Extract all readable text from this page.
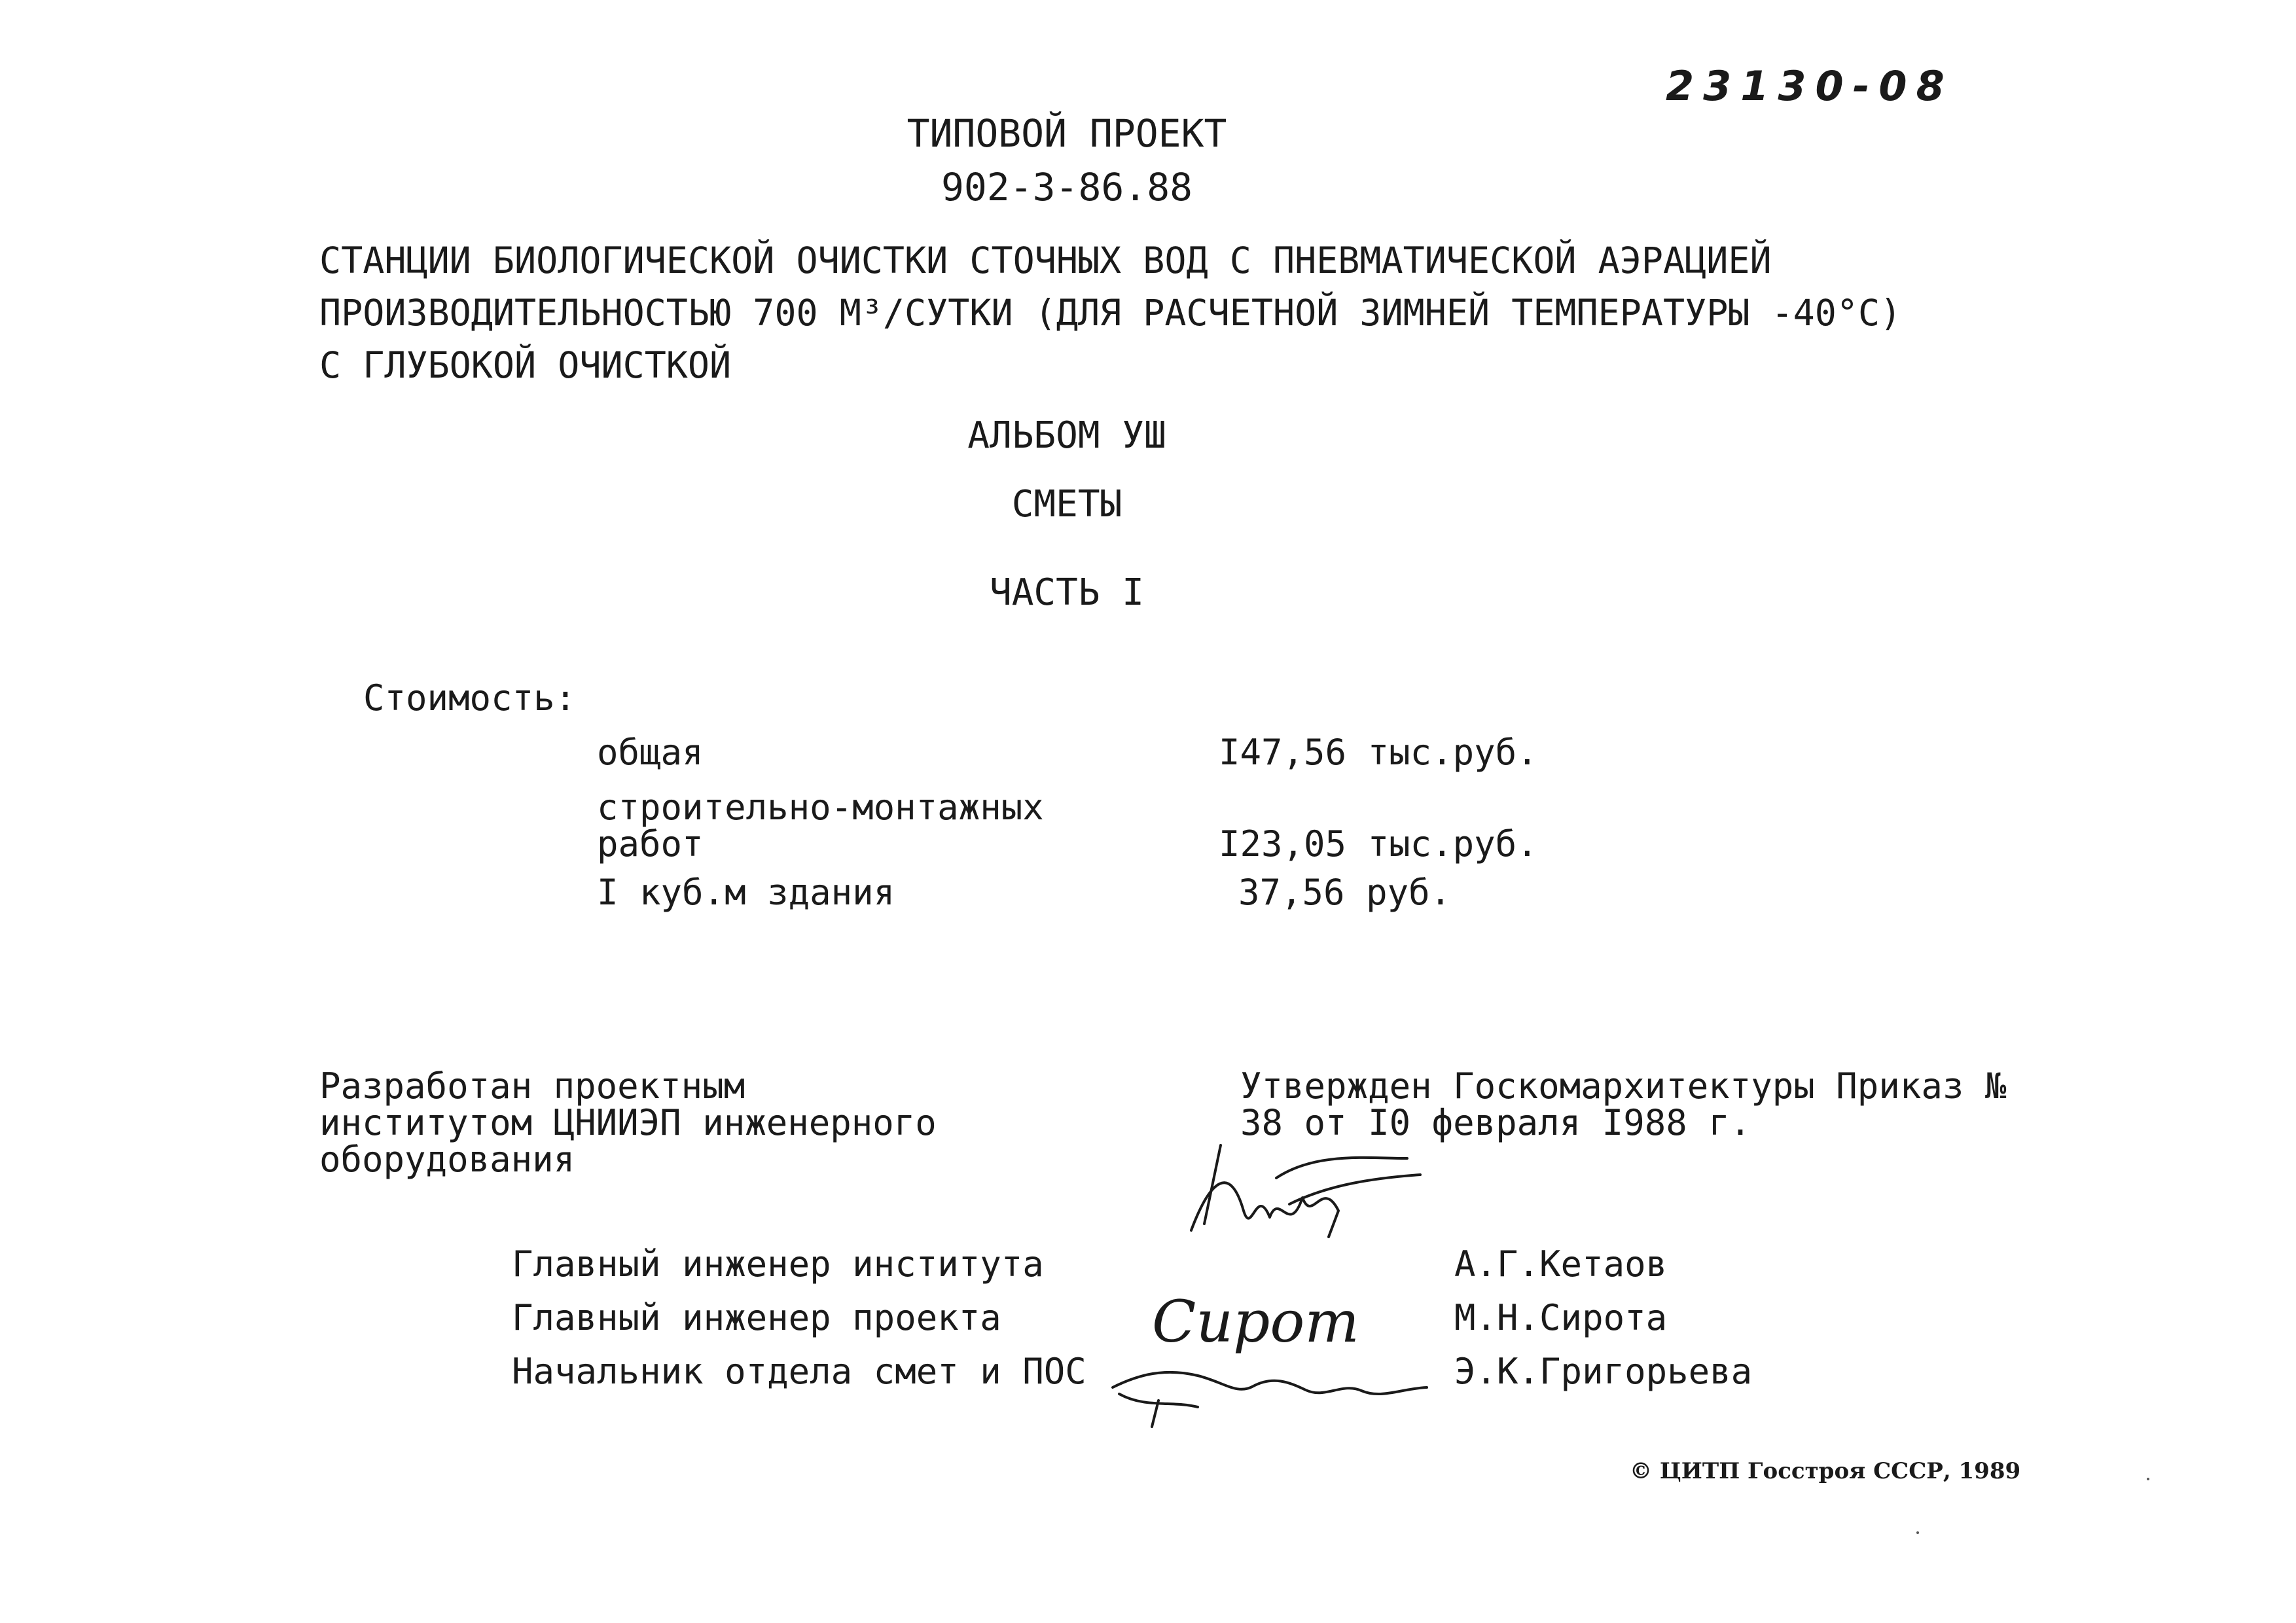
23130-08
ТИПОВОЙ ПРОЕКТ
902-3-86.88
СТАНЦИИ БИОЛОГИЧЕСКОЙ ОЧИСТКИ СТОЧНЫХ ВОД С ПНЕВМАТИЧЕСКОЙ АЭРАЦИЕЙ
ПРОИЗВОДИТЕЛЬНОСТЬЮ 700 М³/СУТКИ (ДЛЯ РАСЧЕТНОЙ ЗИМНЕЙ ТЕМПЕРАТУРЫ -40°С)
С ГЛУБОКОЙ ОЧИСТКОЙ
АЛЬБОМ УШ
СМЕТЫ
ЧАСТЬ I
Стоимость:
общая	I47,56 тыс.руб.
строительно-монтажных работ	I23,05 тыс.руб.
I куб.м здания	37,56 руб.
Разработан проектным институтом ЦНИИЭП инженерного оборудования
Утвержден Госкомархитектуры Приказ № 38 от I0 февраля I988 г.
Главный инженер института	А.Г.Кетаов
Главный инженер проекта	М.Н.Сирота
Начальник отдела смет и ПОС	Э.К.Григорьева
Сирот
© ЦИТП Госстроя СССР, 1989
